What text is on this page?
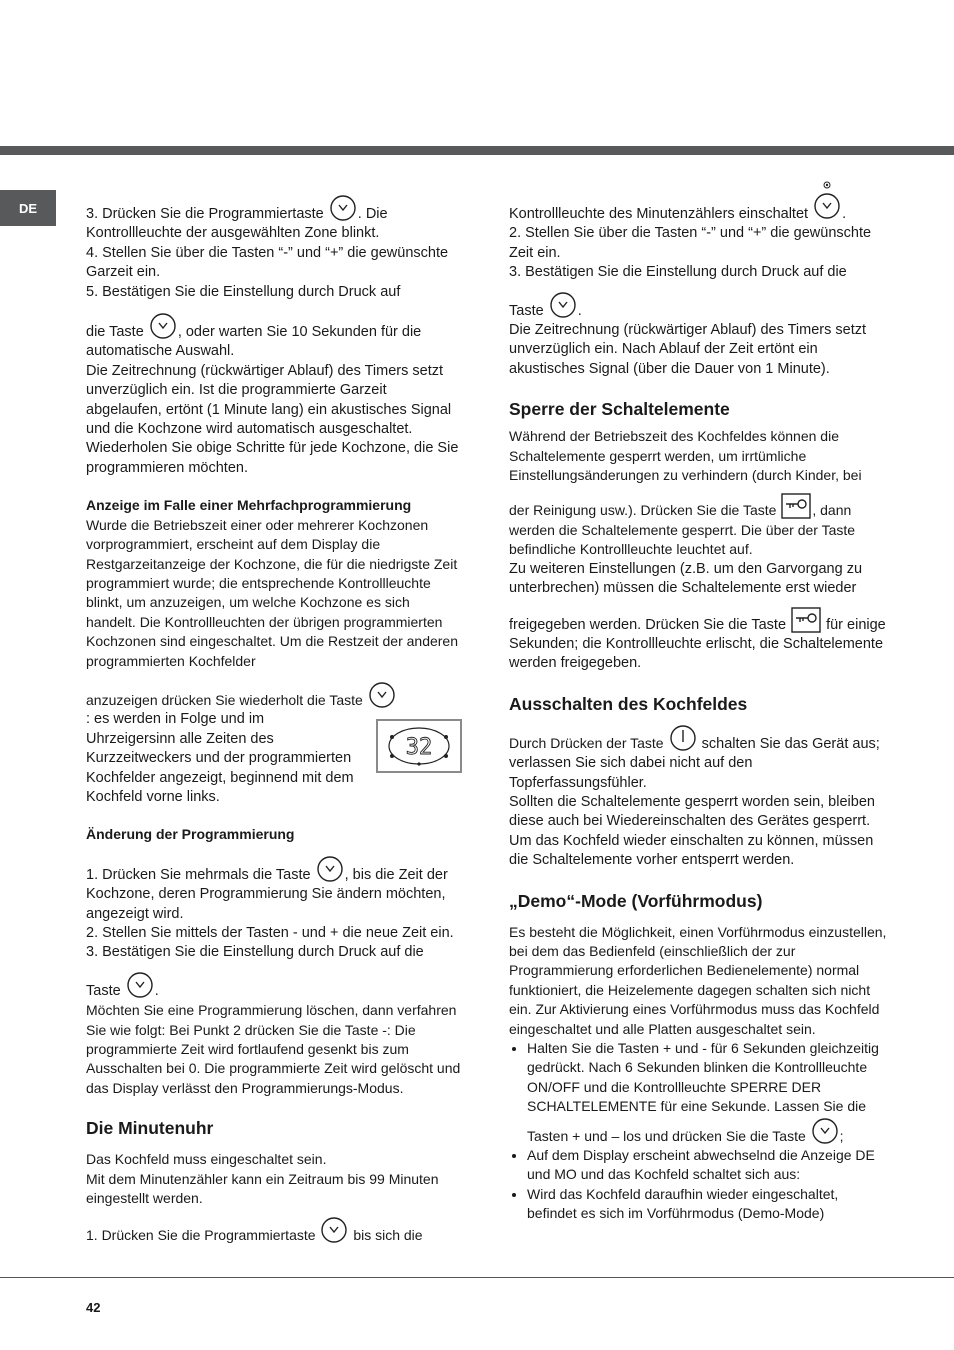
DE	3. Drücken Sie die Programmiertaste . Die Kontrollleuchte der ausgewählten Zone blinkt.

4. Stellen Sie über die Tasten “-” und “+” die gewünschte Garzeit ein.

5. Bestätigen Sie die Einstellung durch Druck auf

die Taste , oder warten Sie 10 Sekunden für die automatische Auswahl.

Die Zeitrechnung (rückwärtiger Ablauf) des Timers setzt unverzüglich ein. Ist die programmierte Garzeit abgelaufen, ertönt (1 Minute lang) ein akustisches Signal und die Kochzone wird automatisch ausgeschaltet.

Wiederholen Sie obige Schritte für jede Kochzone, die Sie programmieren möchten.

Anzeige im Falle einer Mehrfachprogrammierung

Wurde die Betriebszeit einer oder mehrerer Kochzonen vorprogrammiert, erscheint auf dem Display die Restgarzeitanzeige der Kochzone, die für die niedrigste Zeit programmiert wurde; die entsprechende Kontrollleuchte blinkt, um anzuzeigen, um welche Kochzone es sich handelt. Die Kontrollleuchten der übrigen programmierten Kochzonen sind eingeschaltet. Um die Restzeit der anderen programmierten Kochfelder

anzuzeigen drücken Sie wiederholt die Taste

: es werden in Folge und im Uhrzeigersinn alle Zeiten des Kurzzeitweckers und der programmierten Kochfelder angezeigt, beginnend mit dem Kochfeld vorne links.

32
Änderung der Programmierung

1. Drücken Sie mehrmals die Taste , bis die Zeit der Kochzone, deren Programmierung Sie ändern möchten, angezeigt wird.

2. Stellen Sie mittels der Tasten - und + die neue Zeit ein.

3. Bestätigen Sie die Einstellung durch Druck auf die

Taste .

Möchten Sie eine Programmierung löschen, dann verfahren Sie wie folgt: Bei Punkt 2 drücken Sie die Taste -: Die programmierte Zeit wird fortlaufend gesenkt bis zum Ausschalten bei 0. Die programmierte Zeit wird gelöscht und das Display verlässt den Programmierungs-Modus.

Die Minutenuhr

Das Kochfeld muss eingeschaltet sein.

Mit dem Minutenzähler kann ein Zeitraum bis 99 Minuten eingestellt werden.

1. Drücken Sie die Programmiertaste	bis sich die

Kontrollleuchte des Minutenzählers einschaltet .

2. Stellen Sie über die Tasten “-” und “+” die gewünschte Zeit ein.

3. Bestätigen Sie die Einstellung durch Druck auf die

Taste .

Die Zeitrechnung (rückwärtiger Ablauf) des Timers setzt unverzüglich ein. Nach Ablauf der Zeit ertönt ein akustisches Signal (über die Dauer von 1 Minute).

Sperre der Schaltelemente

Während der Betriebszeit des Kochfeldes können die Schaltelemente gesperrt werden, um irrtümliche Einstellungsänderungen zu verhindern (durch Kinder, bei

der Reinigung usw.). Drücken Sie die Taste	, dann werden die Schaltelemente gesperrt. Die über der Taste befindliche Kontrollleuchte leuchtet auf.

Zu weiteren Einstellungen (z.B. um den Garvorgang zu unterbrechen) müssen die Schaltelemente erst wieder

freigegeben werden. Drücken Sie die Taste	für einige Sekunden; die Kontrollleuchte erlischt, die Schaltelemente werden freigegeben.

Ausschalten des Kochfeldes

Durch Drücken der Taste	schalten Sie das Gerät aus; verlassen Sie sich dabei nicht auf den Topferfassungsfühler.

Sollten die Schaltelemente gesperrt worden sein, bleiben diese auch bei Wiedereinschalten des Gerätes gesperrt. Um das Kochfeld wieder einschalten zu können, müssen die Schaltelemente vorher entsperrt werden.

„Demo“-Mode (Vorführmodus)

Es besteht die Möglichkeit, einen Vorführmodus einzustellen, bei dem das Bedienfeld (einschließlich der zur Programmierung erforderlichen Bedienelemente) normal funktioniert, die Heizelemente dagegen schalten sich nicht ein. Zur Aktivierung eines Vorführmodus muss das Kochfeld eingeschaltet und alle Platten ausgeschaltet sein.

• Halten Sie die Tasten + und - für 6 Sekunden gleichzeitig gedrückt. Nach 6 Sekunden blinken die Kontrollleuchte ON/OFF und die Kontrollleuchte SPERRE DER SCHALTELEMENTE für eine Sekunde. Lassen Sie die
Tasten + und – los und drücken Sie die Taste ;
• Auf dem Display erscheint abwechselnd die Anzeige DE und MO und das Kochfeld schaltet sich aus:
• Wird das Kochfeld daraufhin wieder eingeschaltet, befindet es sich im Vorführmodus (Demo-Mode)
42
